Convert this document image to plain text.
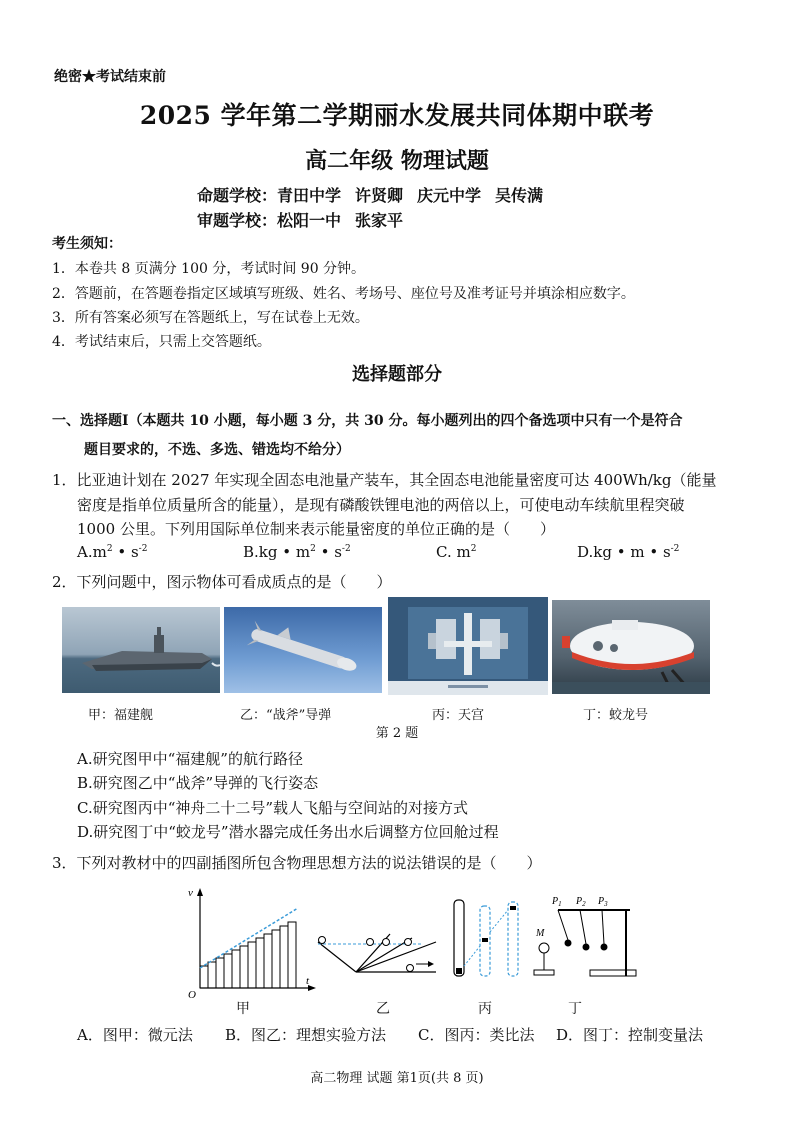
绝密★考试结束前
2025 学年第二学期丽水发展共同体期中联考
高二年级 物理试题
命题学校：青田中学 许贤卿 庆元中学 吴传满
审题学校：松阳一中 张家平
考生须知：
1．本卷共 8 页满分 100 分，考试时间 90 分钟。
2．答题前，在答题卷指定区域填写班级、姓名、考场号、座位号及准考证号并填涂相应数字。
3．所有答案必须写在答题纸上，写在试卷上无效。
4．考试结束后，只需上交答题纸。
选择题部分
一、选择题Ⅰ（本题共 10 小题，每小题 3 分，共 30 分。每小题列出的四个备选项中只有一个是符合
题目要求的，不选、多选、错选均不给分）
1．比亚迪计划在 2027 年实现全固态电池量产装车，其全固态电池能量密度可达 400Wh/kg（能量
密度是指单位质量所含的能量），是现有磷酸铁锂电池的两倍以上，可使电动车续航里程突破
1000 公里。下列用国际单位制来表示能量密度的单位正确的是（　　）
$A.m^2$ • $s^{-2}$	B.kg • $m^2$ • $s^{-2}$	C. $m^2$	D.kg • m • $s^{-2}$
2．下列问题中，图示物体可看成质点的是（　　）
甲：福建舰	乙：“战斧”导弹	丙：天宫	丁：蛟龙号
第 2 题
A.研究图甲中“福建舰”的航行路径
B.研究图乙中“战斧”导弹的飞行姿态
C.研究图丙中“神舟二十二号”载人飞船与空间站的对接方式
D.研究图丁中“蛟龙号”潜水器完成任务出水后调整方位回舱过程
3．下列对教材中的四副插图所包含物理思想方法的说法错误的是（　　）
v
t
O
甲	乙	丙
$P_1$ $P_2$ $P_3$
M
丁
A．图甲：微元法 B．图乙：理想实验方法 C．图丙：类比法 D．图丁：控制变量法
高二物理 试题 第1页(共 8 页)
